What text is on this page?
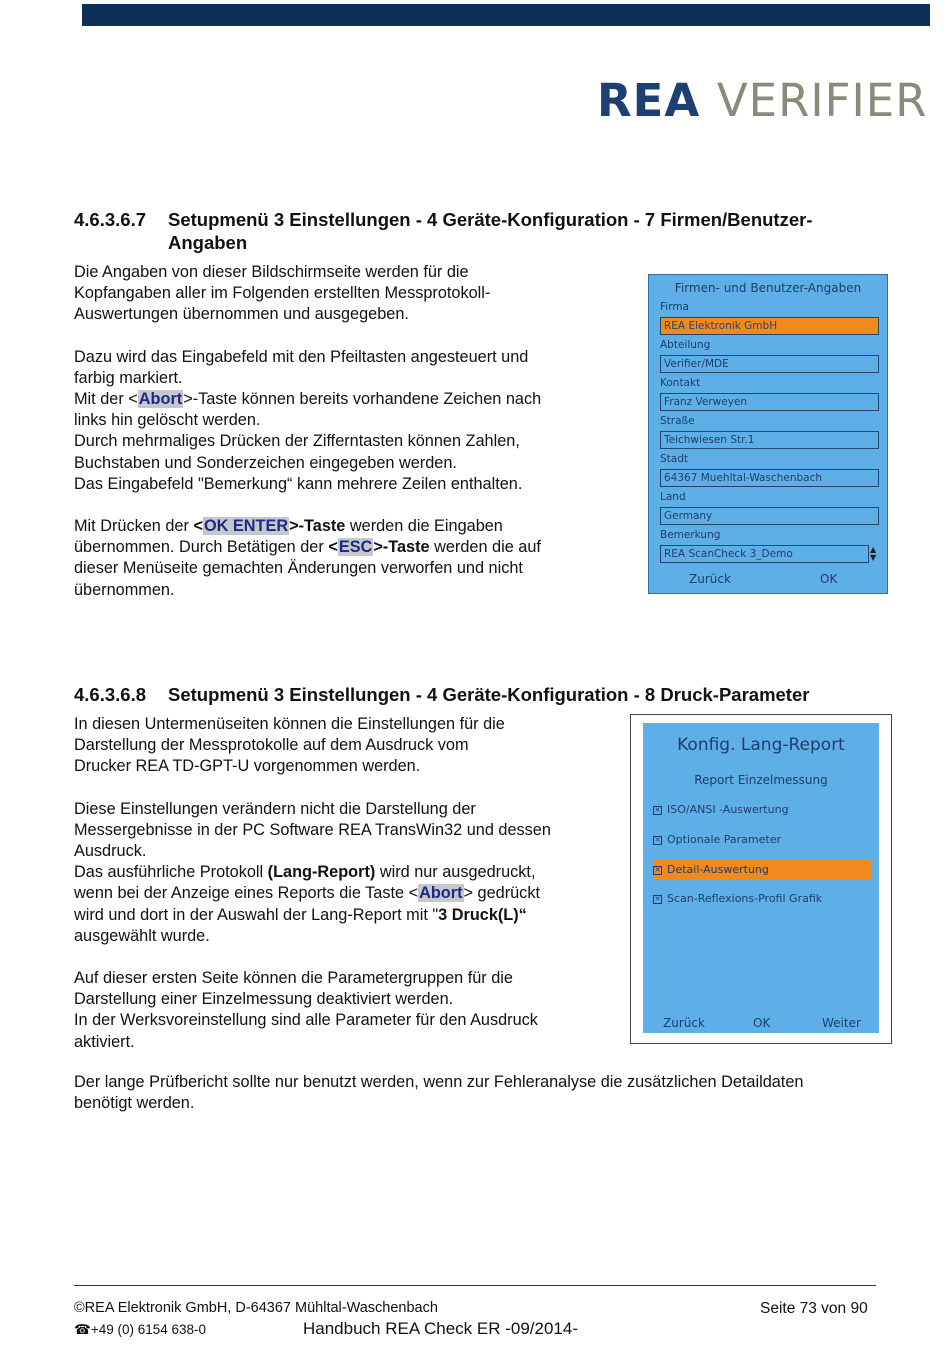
REA VERIFIER
4.6.3.6.7 Setupmenü 3 Einstellungen - 4 Geräte-Konfiguration - 7 Firmen/Benutzer-
Angaben

Die Angaben von dieser Bildschirmseite werden für die

Kopfangaben aller im Folgenden erstellten Messprotokoll-

Auswertungen übernommen und ausgegeben.

Dazu wird das Eingabefeld mit den Pfeiltasten angesteuert und

farbig markiert.

Mit der <Abort>-Taste können bereits vorhandene Zeichen nach

links hin gelöscht werden.

Durch mehrmaliges Drücken der Zifferntasten können Zahlen,

Buchstaben und Sonderzeichen eingegeben werden.

Das Eingabefeld "Bemerkung“ kann mehrere Zeilen enthalten.

Mit Drücken der <OK ENTER>-Taste werden die Eingaben

übernommen. Durch Betätigen der <ESC>-Taste werden die auf

dieser Menüseite gemachten Änderungen verworfen und nicht

übernommen.

Firmen- und Benutzer-Angaben
Firma
REA Elektronik GmbH
Abteilung
Verifier/MDE
Kontakt
Franz Verweyen
Straße
Teichwiesen Str.1
Stadt
64367 Muehltal-Waschenbach
Land
Germany
Bemerkung
REA ScanCheck 3_Demo	▲
▼
Zurück	OK
4.6.3.6.8 Setupmenü 3 Einstellungen - 4 Geräte-Konfiguration - 8 Druck-Parameter

In diesen Untermenüseiten können die Einstellungen für die

Darstellung der Messprotokolle auf dem Ausdruck vom

Drucker REA TD-GPT-U vorgenommen werden.

Diese Einstellungen verändern nicht die Darstellung der

Messergebnisse in der PC Software REA TransWin32 und dessen

Ausdruck.

Das ausführliche Protokoll (Lang-Report) wird nur ausgedruckt,

wenn bei der Anzeige eines Reports die Taste <Abort> gedrückt

wird und dort in der Auswahl der Lang-Report mit "3 Druck(L)“

ausgewählt wurde.

Auf dieser ersten Seite können die Parametergruppen für die

Darstellung einer Einzelmessung deaktiviert werden.

In der Werksvoreinstellung sind alle Parameter für den Ausdruck

aktiviert.

Der lange Prüfbericht sollte nur benutzt werden, wenn zur Fehleranalyse die zusätzlichen Detaildaten

benötigt werden.

Konfig. Lang-Report
Report Einzelmessung
✕ ISO/ANSI -Auswertung
✕ Optionale Parameter
✕ Detail-Auswertung
✕ Scan-Reflexions-Profil Grafik
Zurück	OK	Weiter
©REA Elektronik GmbH, D-64367 Mühltal-Waschenbach	Seite 73 von 90
☎+49 (0) 6154 638-0	Handbuch REA Check ER -09/2014-
